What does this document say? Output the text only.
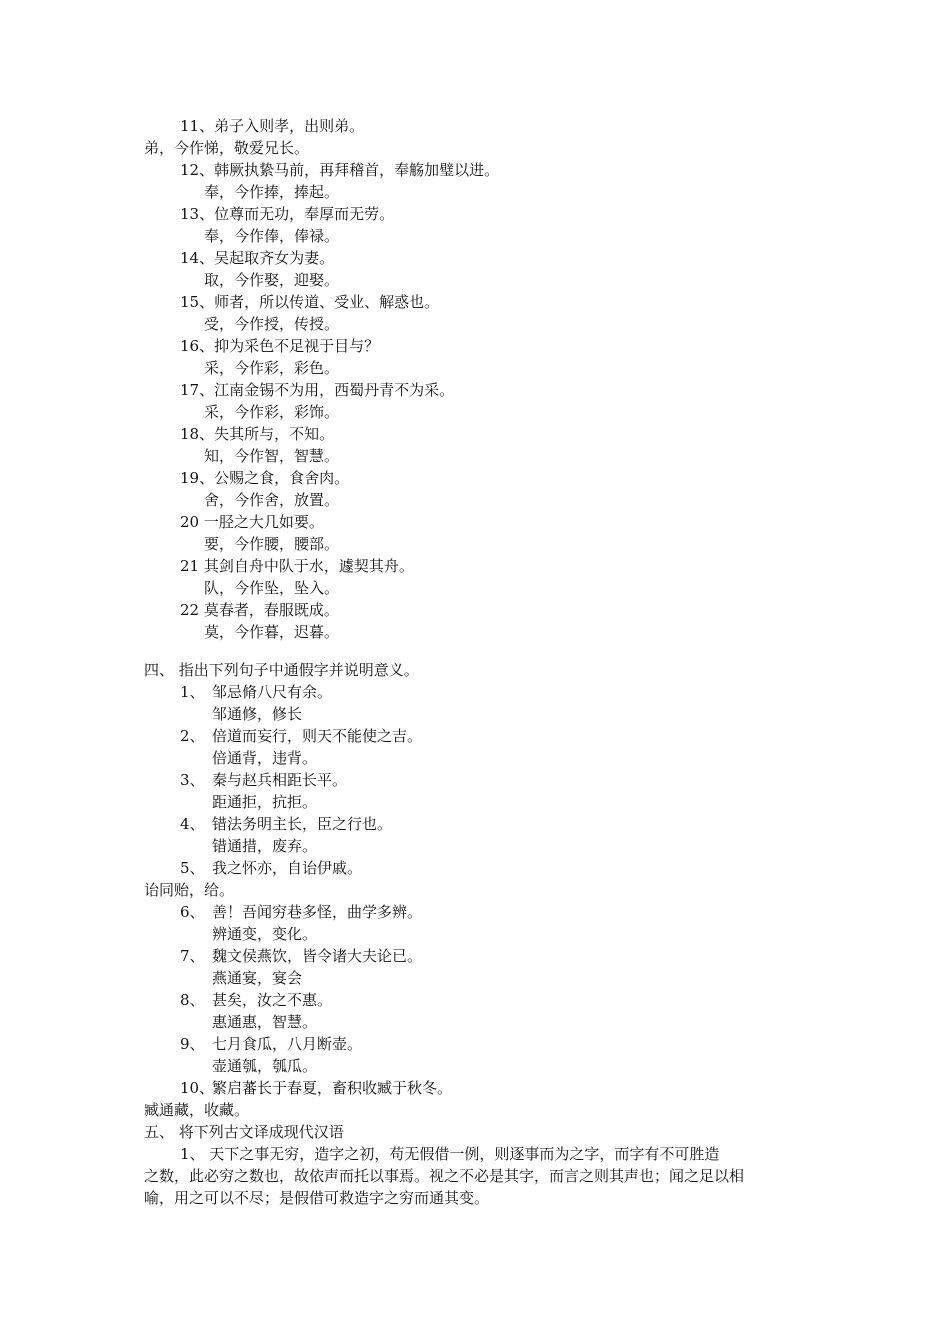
11、弟子入则孝，出则弟。
弟，今作悌，敬爱兄长。
12、韩厥执絷马前，再拜稽首，奉觞加璧以进。
奉，今作捧，捧起。
13、位尊而无功，奉厚而无劳。
奉，今作俸，俸禄。
14、吴起取齐女为妻。
取，今作娶，迎娶。
15、师者，所以传道、受业、解惑也。
受，今作授，传授。
16、抑为采色不足视于目与？
采，今作彩，彩色。
17、江南金锡不为用，西蜀丹青不为采。
采，今作彩，彩饰。
18、失其所与，不知。
知，今作智，智慧。
19、公赐之食，食舍肉。
舍，今作舍，放置。
20 一胫之大几如要。
要，今作腰，腰部。
21 其剑自舟中队于水，遽契其舟。
队，今作坠，坠入。
22 莫春者，春服既成。
莫，今作暮，迟暮。
四、 指出下列句子中通假字并说明意义。
1、 邹忌脩八尺有余。
邹通修，修长
2、 倍道而妄行，则天不能使之吉。
倍通背，违背。
3、 秦与赵兵相距长平。
距通拒，抗拒。
4、 错法务明主长，臣之行也。
错通措，废弃。
5、 我之怀亦，自诒伊戚。
诒同贻，给。
6、 善！吾闻穷巷多怪，曲学多辨。
辨通变，变化。
7、 魏文侯燕饮，皆令诸大夫论已。
燕通宴，宴会
8、 甚矣，汝之不惠。
惠通惠，智慧。
9、 七月食瓜，八月断壶。
壶通瓠，瓠瓜。
10、繁启蕃长于春夏，畜积收臧于秋冬。
臧通藏，收藏。
五、 将下列古文译成现代汉语
1、 天下之事无穷，造字之初，苟无假借一例，则逐事而为之字，而字有不可胜造
之数，此必穷之数也，故依声而托以事焉。视之不必是其字，而言之则其声也；闻之足以相
喻，用之可以不尽；是假借可救造字之穷而通其变。
